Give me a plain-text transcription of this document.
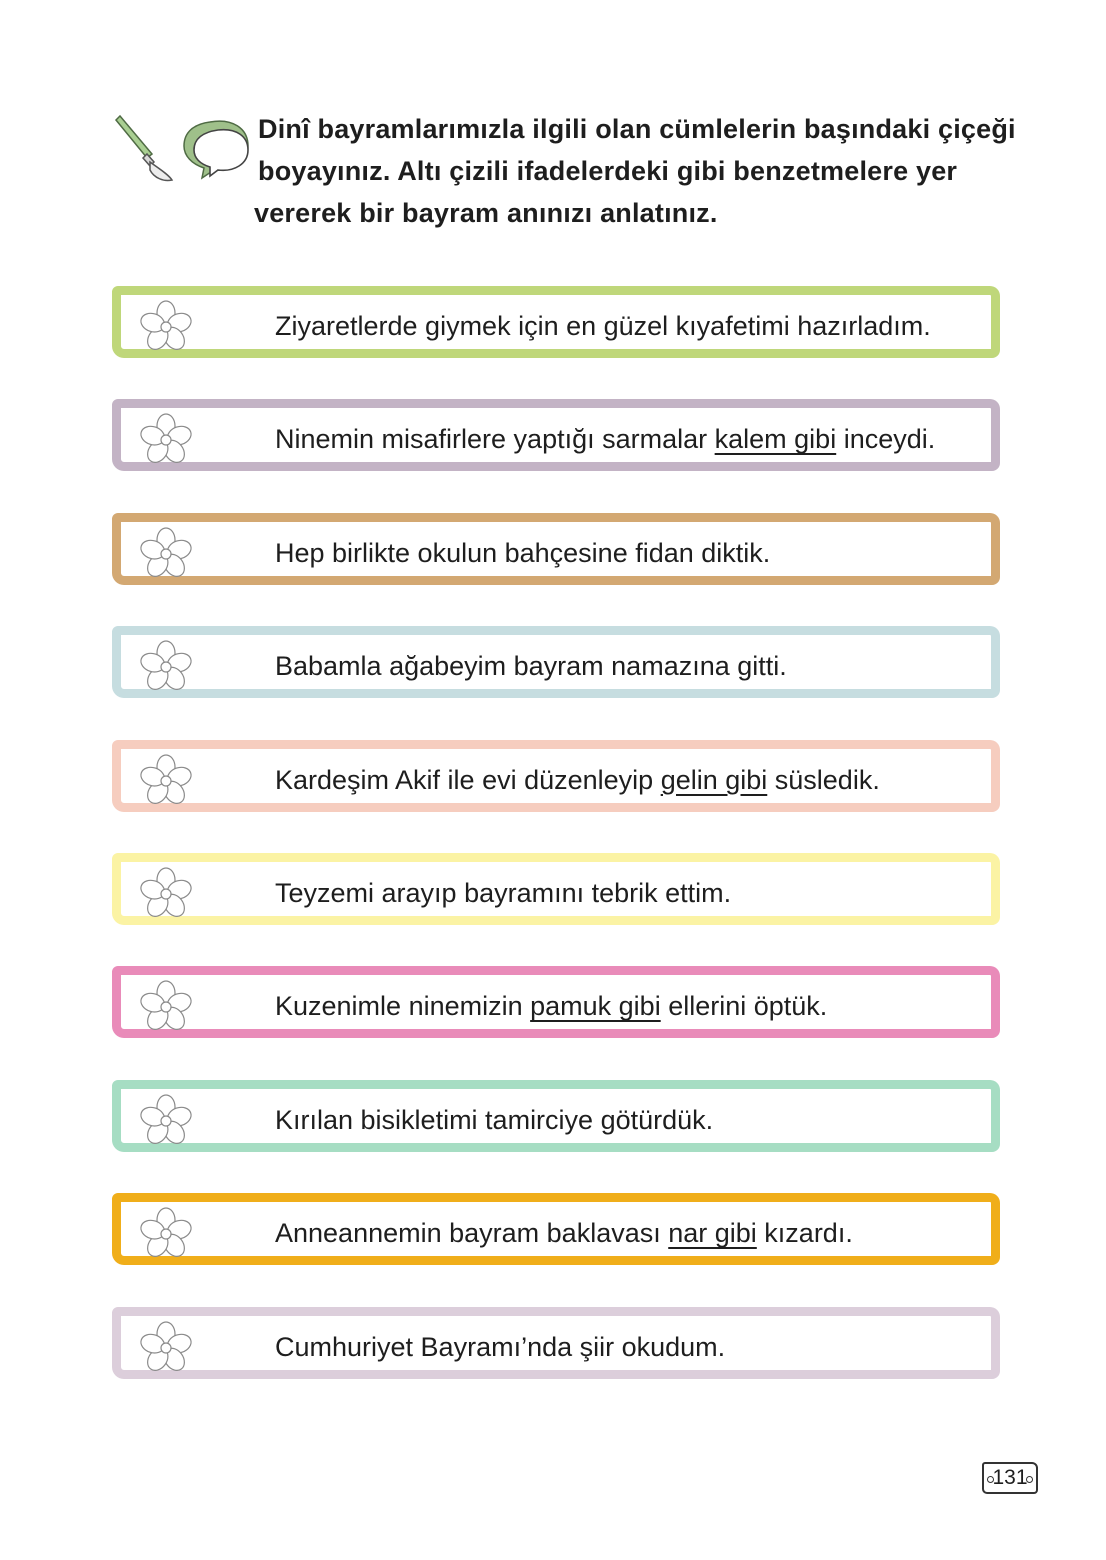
Dinî bayramlarımızla ilgili olan cümlelerin başındaki çiçeği
boyayınız. Altı çizili ifadelerdeki gibi benzetmelere yer
vererek bir bayram anınızı anlatınız.
Ziyaretlerde giymek için en güzel kıyafetimi hazırladım.
Ninemin misafirlere yaptığı sarmalar kalem gibi inceydi.
Hep birlikte okulun bahçesine fidan diktik.
Babamla ağabeyim bayram namazına gitti.
Kardeşim Akif ile evi düzenleyip gelin gibi süsledik.
Teyzemi arayıp bayramını tebrik ettim.
Kuzenimle ninemizin pamuk gibi ellerini öptük.
Kırılan bisikletimi tamirciye götürdük.
Anneannemin bayram baklavası nar gibi kızardı.
Cumhuriyet Bayramı’nda şiir okudum.
131
